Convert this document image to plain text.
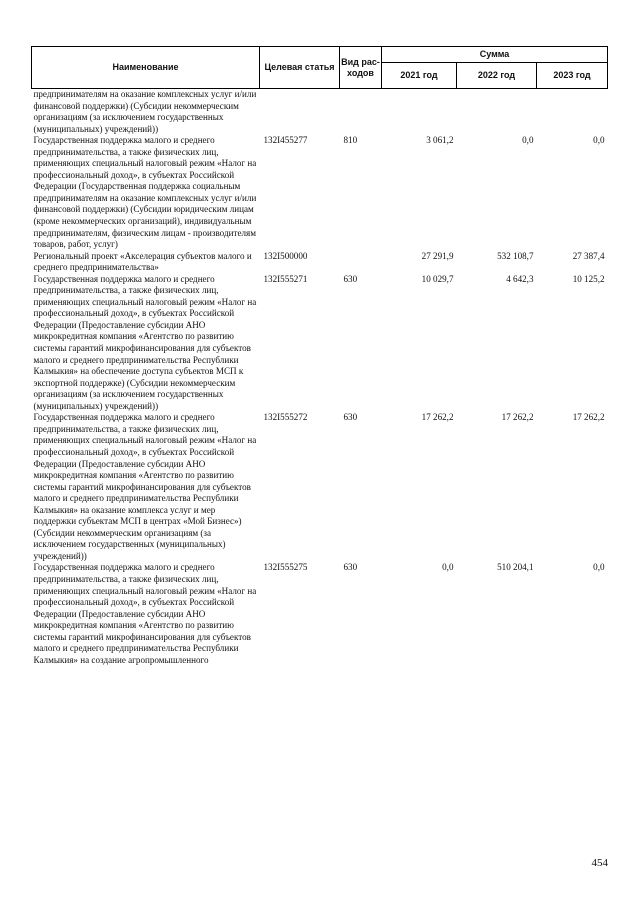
Наименование	Целевая статья	Вид рас-ходов	Сумма		
			2021 год	2022 год	2023 год
предпринимателям на оказание комплексных услуг и/или финансовой поддержки) (Субсидии некоммерческим организациям (за исключением государственных (муниципальных) учреждений))					
Государственная поддержка малого и среднего предпринимательства, а также физических лиц, применяющих специальный налоговый режим «Налог на профессиональный доход», в субъектах Российской Федерации (Государственная поддержка социальным предпринимателям на оказание комплексных услуг и/или финансовой поддержки) (Субсидии юридическим лицам (кроме некоммерческих организаций), индивидуальным предпринимателям, физическим лицам - производителям товаров, работ, услуг)	132I455277	810	3 061,2	0,0	0,0
Региональный проект «Акселерация субъектов малого и среднего предпринимательства»	132I500000		27 291,9	532 108,7	27 387,4
Государственная поддержка малого и среднего предпринимательства, а также физических лиц, применяющих специальный налоговый режим «Налог на профессиональный доход», в субъектах Российской Федерации (Предоставление субсидии АНО микрокредитная компания «Агентство по развитию системы гарантий микрофинансирования для субъектов малого и среднего предпринимательства Республики Калмыкия» на обеспечение доступа субъектов МСП к экспортной поддержке) (Субсидии некоммерческим организациям (за исключением государственных (муниципальных) учреждений))	132I555271	630	10 029,7	4 642,3	10 125,2
Государственная поддержка малого и среднего предпринимательства, а также физических лиц, применяющих специальный налоговый режим «Налог на профессиональный доход», в субъектах Российской Федерации (Предоставление субсидии АНО микрокредитная компания «Агентство по развитию системы гарантий микрофинансирования для субъектов малого и среднего предпринимательства Республики Калмыкия» на оказание комплекса услуг и мер поддержки субъектам МСП в центрах «Мой Бизнес») (Субсидии некоммерческим организациям (за исключением государственных (муниципальных) учреждений))	132I555272	630	17 262,2	17 262,2	17 262,2
Государственная поддержка малого и среднего предпринимательства, а также физических лиц, применяющих специальный налоговый режим «Налог на профессиональный доход», в субъектах Российской Федерации (Предоставление субсидии АНО микрокредитная компания «Агентство по развитию системы гарантий микрофинансирования для субъектов малого и среднего предпринимательства Республики Калмыкия» на создание агропромышленного	132I555275	630	0,0	510 204,1	0,0
454
